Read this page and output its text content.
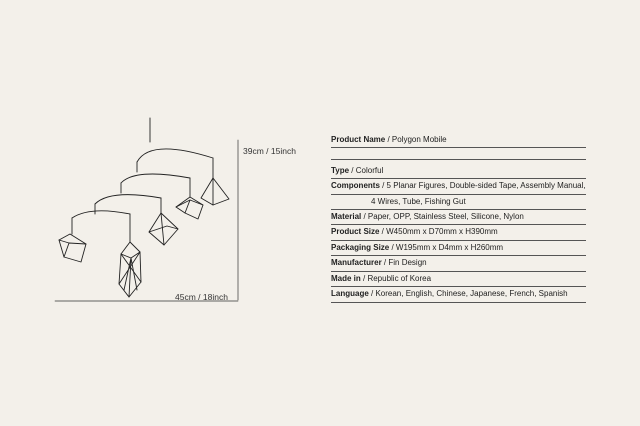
39cm / 15inch
45cm / 18inch
Product Name / Polygon Mobile
Type / Colorful
Components / 5 Planar Figures, Double-sided Tape, Assembly Manual,
4 Wires, Tube, Fishing Gut
Material / Paper, OPP, Stainless Steel, Silicone, Nylon
Product Size / W450mm x D70mm x H390mm
Packaging Size / W195mm x D4mm x H260mm
Manufacturer / Fin Design
Made in / Republic of Korea
Language / Korean, English, Chinese, Japanese, French, Spanish
